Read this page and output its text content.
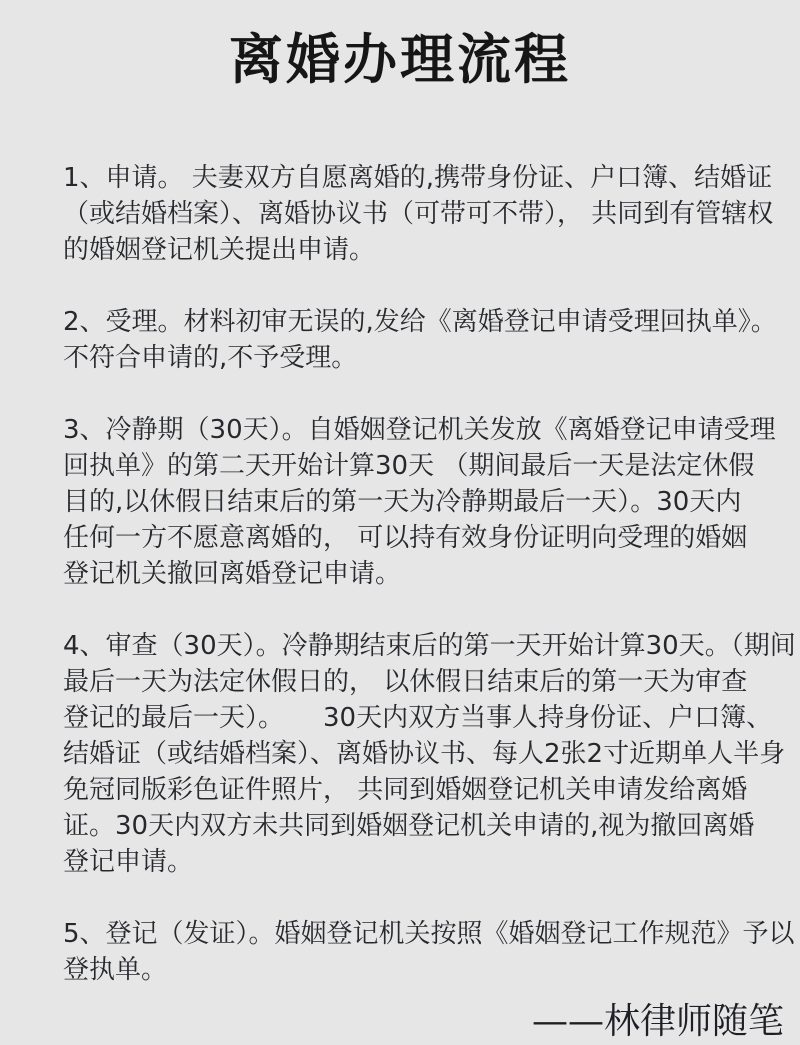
离婚办理流程

1、申请。 夫妻双方自愿离婚的,携带身份证、户口簿、结婚证
（或结婚档案）、离婚协议书（可带可不带）， 共同到有管辖权
的婚姻登记机关提出申请。

2、受理。材料初审无误的,发给《离婚登记申请受理回执单》。
不符合申请的,不予受理。

3、冷静期（30天）。自婚姻登记机关发放《离婚登记申请受理
回执单》的第二天开始计算30天 （期间最后一天是法定休假
目的,以休假日结束后的第一天为冷静期最后一天）。30天内
任何一方不愿意离婚的， 可以持有效身份证明向受理的婚姻
登记机关撤回离婚登记申请。

4、审查（30天）。冷静期结束后的第一天开始计算30天。（期间
最后一天为法定休假日的， 以休假日结束后的第一天为审查
登记的最后一天）。　　30天内双方当事人持身份证、户口簿、
结婚证（或结婚档案）、离婚协议书、每人2张2寸近期单人半身
免冠同版彩色证件照片， 共同到婚姻登记机关申请发给离婚
证。30天内双方未共同到婚姻登记机关申请的,视为撤回离婚
登记申请。

5、登记（发证）。婚姻登记机关按照《婚姻登记工作规范》予以
登执单。

——林律师随笔
